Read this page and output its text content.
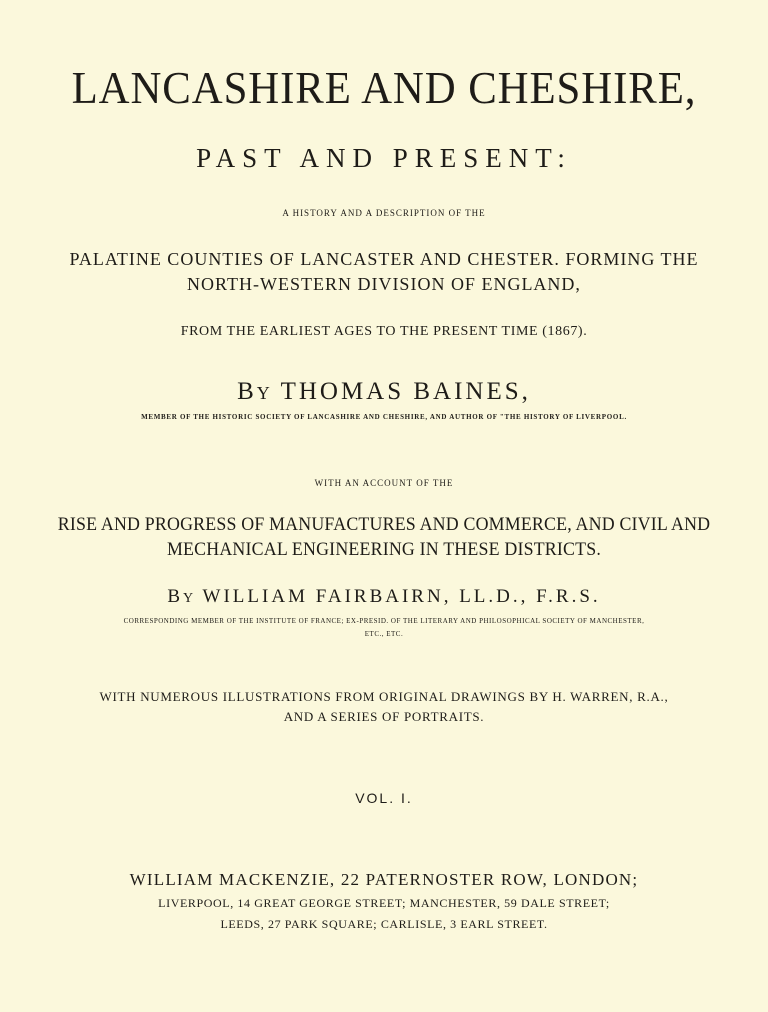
LANCASHIRE AND CHESHIRE,
PAST AND PRESENT:
A HISTORY AND A DESCRIPTION OF THE
PALATINE COUNTIES OF LANCASTER AND CHESTER. FORMING THE
NORTH-WESTERN DIVISION OF ENGLAND,
FROM THE EARLIEST AGES TO THE PRESENT TIME (1867).
BY THOMAS BAINES,
MEMBER OF THE HISTORIC SOCIETY OF LANCASHIRE AND CHESHIRE, AND AUTHOR OF "THE HISTORY OF LIVERPOOL.
WITH AN ACCOUNT OF THE
RISE AND PROGRESS OF MANUFACTURES AND COMMERCE, AND CIVIL AND
MECHANICAL ENGINEERING IN THESE DISTRICTS.
BY WILLIAM FAIRBAIRN, LL.D., F.R.S.
CORRESPONDING MEMBER OF THE INSTITUTE OF FRANCE; EX-PRESID. OF THE LITERARY AND PHILOSOPHICAL SOCIETY OF MANCHESTER,
ETC., ETC.
WITH NUMEROUS ILLUSTRATIONS FROM ORIGINAL DRAWINGS BY H. WARREN, R.A.,
AND A SERIES OF PORTRAITS.
VOL. I.
WILLIAM MACKENZIE, 22 PATERNOSTER ROW, LONDON;
LIVERPOOL, 14 GREAT GEORGE STREET; MANCHESTER, 59 DALE STREET;
LEEDS, 27 PARK SQUARE; CARLISLE, 3 EARL STREET.
